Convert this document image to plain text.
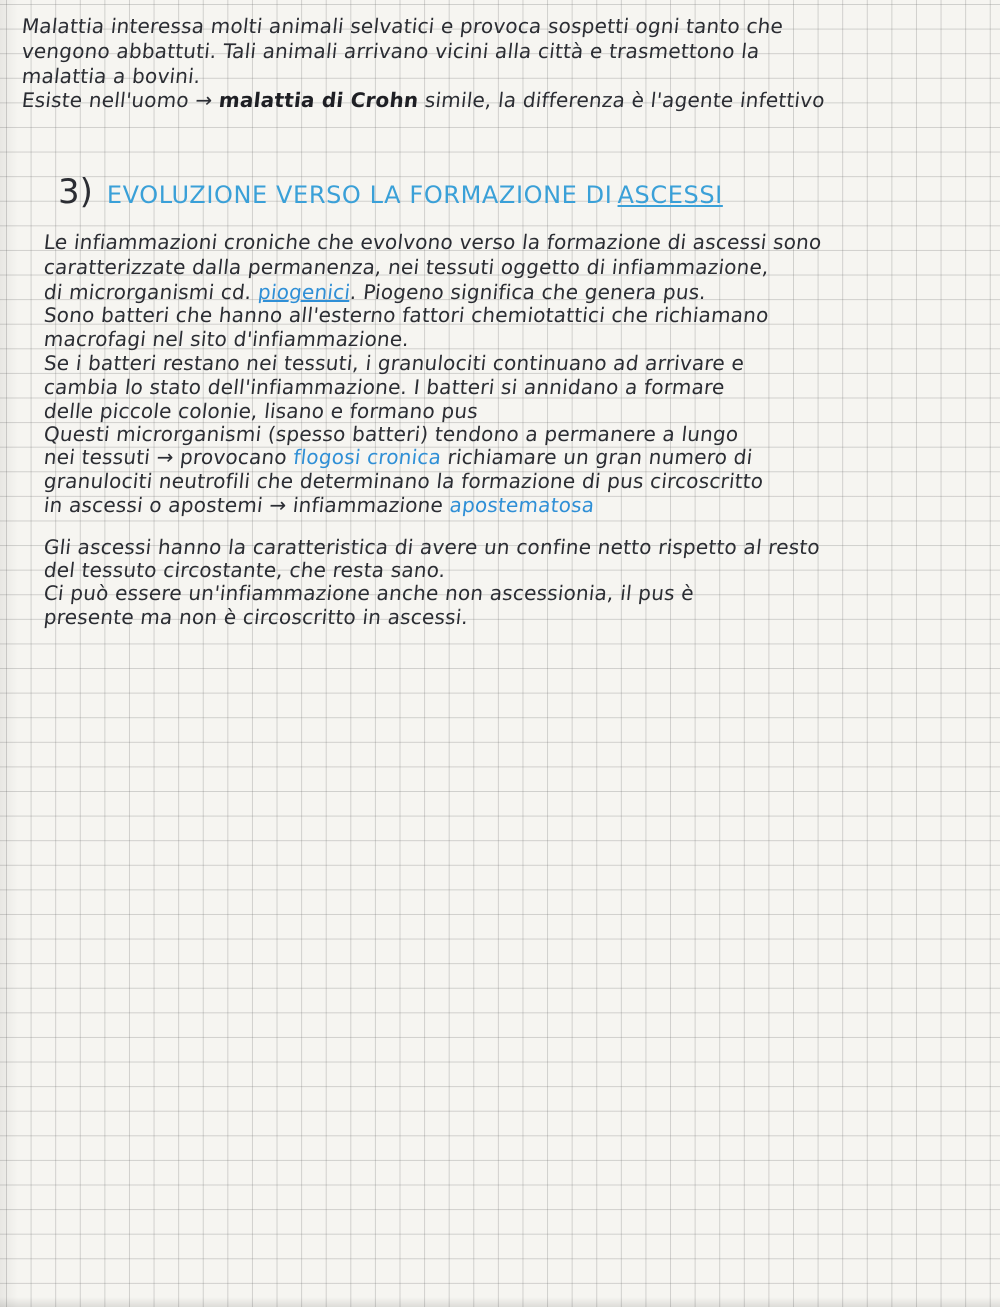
Malattia interessa molti animali selvatici e provoca sospetti ogni tanto che
vengono abbattuti. Tali animali arrivano vicini alla città e trasmettono la
malattia a bovini.
Esiste nell'uomo → malattia di Crohn simile, la differenza è l'agente infettivo
3) EVOLUZIONE VERSO LA FORMAZIONE DI ASCESSI
Le infiammazioni croniche che evolvono verso la formazione di ascessi sono
caratterizzate dalla permanenza, nei tessuti oggetto di infiammazione,
di microrganismi cd. piogenici. Piogeno significa che genera pus.
Sono batteri che hanno all'esterno fattori chemiotattici che richiamano
macrofagi nel sito d'infiammazione.
Se i batteri restano nei tessuti, i granulociti continuano ad arrivare e
cambia lo stato dell'infiammazione. I batteri si annidano a formare
delle piccole colonie, lisano e formano pus
Questi microrganismi (spesso batteri) tendono a permanere a lungo
nei tessuti → provocano flogosi cronica richiamare un gran numero di
granulociti neutrofili che determinano la formazione di pus circoscritto
in ascessi o apostemi → infiammazione apostematosa
Gli ascessi hanno la caratteristica di avere un confine netto rispetto al resto
del tessuto circostante, che resta sano.
Ci può essere un'infiammazione anche non ascessionia, il pus è
presente ma non è circoscritto in ascessi.
